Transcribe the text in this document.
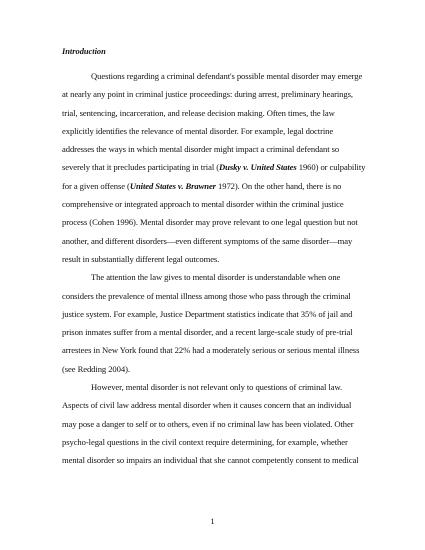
Introduction
Questions regarding a criminal defendant's possible mental disorder may emerge
at nearly any point in criminal justice proceedings: during arrest, preliminary hearings,
trial, sentencing, incarceration, and release decision making. Often times, the law
explicitly identifies the relevance of mental disorder. For example, legal doctrine
addresses the ways in which mental disorder might impact a criminal defendant so
severely that it precludes participating in trial (Dusky v. United States 1960) or culpability
for a given offense (United States v. Brawner 1972). On the other hand, there is no
comprehensive or integrated approach to mental disorder within the criminal justice
process (Cohen 1996). Mental disorder may prove relevant to one legal question but not
another, and different disorders—even different symptoms of the same disorder—may
result in substantially different legal outcomes.
The attention the law gives to mental disorder is understandable when one
considers the prevalence of mental illness among those who pass through the criminal
justice system. For example, Justice Department statistics indicate that 35% of jail and
prison inmates suffer from a mental disorder, and a recent large-scale study of pre-trial
arrestees in New York found that 22% had a moderately serious or serious mental illness
(see Redding 2004).
However, mental disorder is not relevant only to questions of criminal law.
Aspects of civil law address mental disorder when it causes concern that an individual
may pose a danger to self or to others, even if no criminal law has been violated. Other
psycho-legal questions in the civil context require determining, for example, whether
mental disorder so impairs an individual that she cannot competently consent to medical
1
